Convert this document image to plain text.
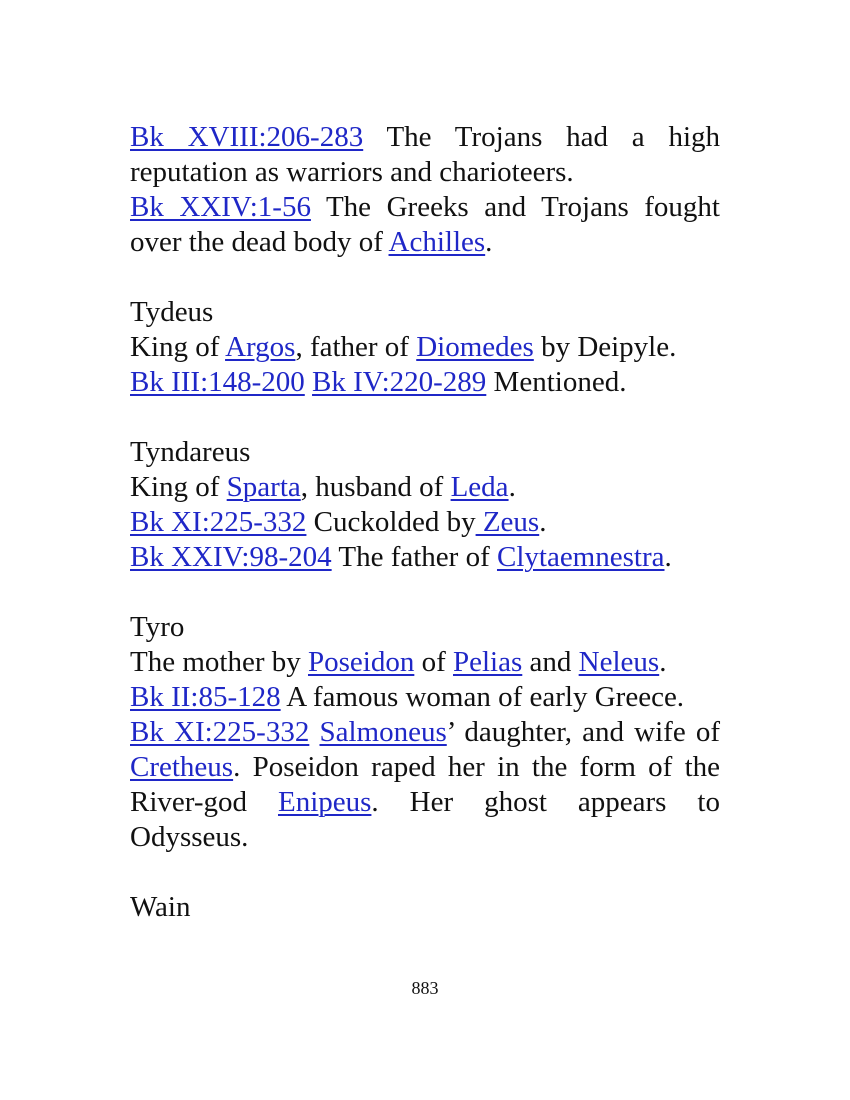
Bk XVIII:206-283 The Trojans had a high reputation as warriors and charioteers.

Bk XXIV:1-56 The Greeks and Trojans fought over the dead body of Achilles.

Tydeus

King of Argos, father of Diomedes by Deipyle.

Bk III:148-200 Bk IV:220-289 Mentioned.

Tyndareus

King of Sparta, husband of Leda.

Bk XI:225-332 Cuckolded by Zeus.

Bk XXIV:98-204 The father of Clytaemnestra.

Tyro

The mother by Poseidon of Pelias and Neleus.

Bk II:85-128 A famous woman of early Greece.

Bk XI:225-332 Salmoneus’ daughter, and wife of Cretheus. Poseidon raped her in the form of the River-god Enipeus. Her ghost appears to Odysseus.

Wain

883
